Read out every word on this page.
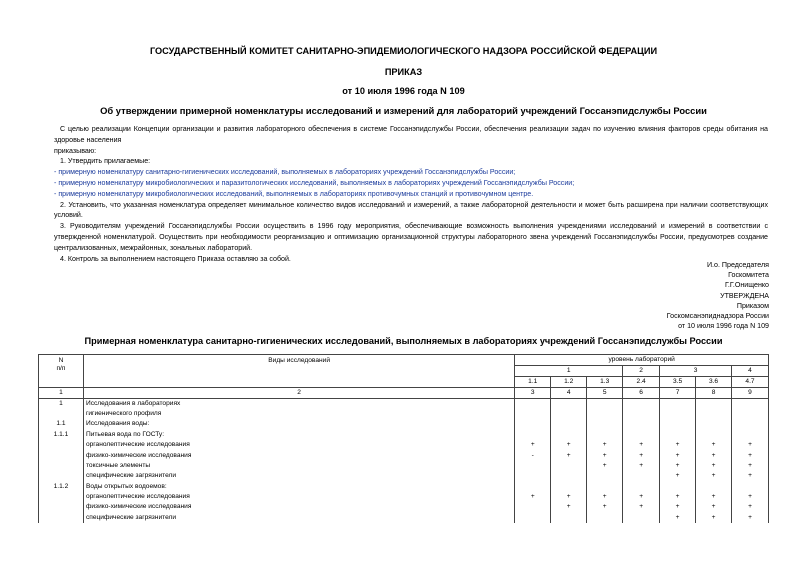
ГОСУДАРСТВЕННЫЙ КОМИТЕТ САНИТАРНО-ЭПИДЕМИОЛОГИЧЕСКОГО НАДЗОРА РОССИЙСКОЙ ФЕДЕРАЦИИ
ПРИКАЗ
от 10 июля 1996 года N 109
Об утверждении примерной номенклатуры исследований и измерений для лабораторий учреждений Госсанэпидслужбы России

С целью реализации Концепции организации и развития лабораторного обеспечения в системе Госсанэпидслужбы России, обеспечения реализации задач по изучению влияния факторов среды обитания на здоровье населения

приказываю:

1. Утвердить прилагаемые:

- примерную номенклатуру санитарно-гигиенических исследований, выполняемых в лабораториях учреждений Госсанэпидслужбы России;

- примерную номенклатуру микробиологических и паразитологических исследований, выполняемых в лабораториях учреждений Госсанэпидслужбы России;

- примерную номенклатуру микробиологических исследований, выполняемых в лабораториях противочумных станций и противочумном центре.

2. Установить, что указанная номенклатура определяет минимальное количество видов исследований и измерений, а также лабораторной деятельности и может быть расширена при наличии соответствующих условий.

3. Руководителям учреждений Госсанэпидслужбы России осуществить в 1996 году мероприятия, обеспечивающие возможность выполнения учреждениями исследований и измерений в соответствии с утвержденной номенклатурой. Осуществить при необходимости реорганизацию и оптимизацию организационной структуры лабораторного звена учреждений Госсанэпидслужбы России, предусмотрев создание централизованных, межрайонных, зональных лабораторий.

4. Контроль за выполнением настоящего Приказа оставляю за собой.

И.о. Председателя
Госкомитета
Г.Г.Онищенко
УТВЕРЖДЕНА
Приказом
Госкомсанэпиднадзора России
от 10 июля 1996 года N 109
Примерная номенклатура санитарно-гигиенических исследований, выполняемых в лабораториях учреждений Госсанэпидслужбы России
N
п/п	Виды исследований	уровень лабораторий						
		1			2	3		4
		1.1	1.2	1.3	2.4	3.5	3.6	4.7
1	2	3	4	5	6	7	8	9
1	Исследования в лабораториях							
	гигиенического профиля							
1.1	Исследования воды:							
1.1.1	Питьевая вода по ГОСТу:							
	органолептические исследования	+	+	+	+	+	+	+
	физико-химические исследования	-	+	+	+	+	+	+
	токсичные элементы			+	+	+	+	+
	специфические загрязнители					+	+	+
1.1.2	Воды открытых водоемов:							
	органолептические исследования	+	+	+	+	+	+	+
	физико-химические исследования		+	+	+	+	+	+
	специфические загрязнители					+	+	+
